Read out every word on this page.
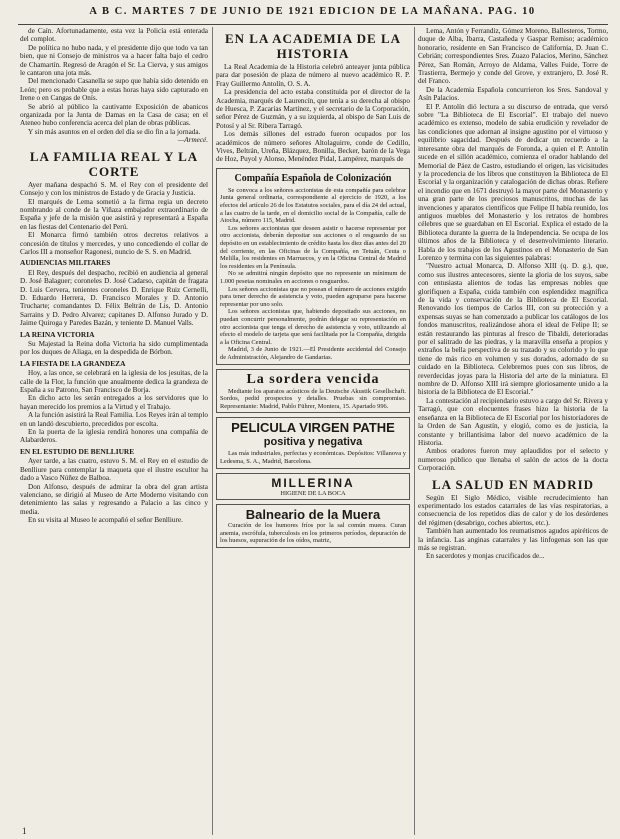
A B C. MARTES 7 DE JUNIO DE 1921 EDICION DE LA MAÑANA. PAG. 10

de Caín. Afortunadamente, esta vez la Policía está enterada del complot.

De política no hubo nada, y el presidente dijo que todo va tan bien, que ni Consejo de ministros va a hacer falta bajo el cedro de Chamartín. Regresó de Aragón el Sr. La Cierva, y sus amigos le cantaron una jota más.

Del mencionado Casanella se supo que había sido detenido en León; pero es probable que a estas horas haya sido capturado en Irene o en Cangas de Onís.

Se abrió al público la cautivante Exposición de abanicos organizada por la Junta de Damas en la Casa de casa; en el Ateneo hubo conferencia acerca del plan de obras públicas.

Y sin más asuntos en el orden del día se dio fin a la jornada.

—Armecé.

LA FAMILIA REAL Y LA CORTE

Ayer mañana despachó S. M. el Rey con el presidente del Consejo y con los ministros de Estado y de Gracia y Justicia.

El marqués de Lema sometió a la firma regia un decreto nombrando al conde de la Viñaza embajador extraordinario de España y jefe de la misión que asistirá y representará a España en las fiestas del Centenario del Perú.

El Monarca firmó también otros decretos relativos a concesión de títulos y mercedes, y uno concediendo el collar de Carlos III a monseñor Ragonesi, nuncio de S. S. en Madrid.

AUDIENCIAS MILITARES

El Rey, después del despacho, recibió en audiencia al general D. José Balaguer; coroneles D. José Cadarso, capitán de fragata D. Luis Cervera, tenientes coroneles D. Enrique Ruiz Cernelli, D. Eduardo Herrera, D. Francisco Morales y D. Antonio Trucharte; comandantes D. Félix Beltrán de Lis, D. Antonio Sarrains y D. Pedro Alvarez; capitanes D. Alfonso Jurado y D. Jaime Quiroga y Paredes Bazán, y teniente D. Manuel Valls.

LA REINA VICTORIA

Su Majestad la Reina doña Victoria ha sido cumplimentada por los duques de Aliaga, en la despedida de Bórbon.

LA FIESTA DE LA GRANDEZA

Hoy, a las once, se celebrará en la iglesia de los jesuitas, de la calle de la Flor, la función que anualmente dedica la grandeza de España a su Patrono, San Francisco de Borja.

En dicho acto les serán entregados a los servidores que lo hayan merecido los premios a la Virtud y el Trabajo.

A la función asistirá la Real Familia. Los Reyes irán al templo en un landó descubierto, precedidos por escolta.

En la puerta de la iglesia rendirá honores una compañía de Alabarderos.

EN EL ESTUDIO DE BENLLIURE

Ayer tarde, a las cuatro, estuvo S. M. el Rey en el estudio de Benlliure para contemplar la maqueta que el ilustre escultor ha dado a Vasco Núñez de Balboa.

Don Alfonso, después de admirar la obra del gran artista valenciano, se dirigió al Museo de Arte Moderno visitando con detenimiento las salas y regresando a Palacio a las cinco y media.

En su visita al Museo le acompañó el señor Benlliure.

EN LA ACADEMIA DE LA HISTORIA

La Real Academia de la Historia celebró anteayer junta pública para dar posesión de plaza de número al nuevo académico R. P. Fray Guillermo Antolín, O. S. A.

La presidencia del acto estaba constituida por el director de la Academia, marqués de Laurencín, que tenía a su derecha al obispo de Huesca, P. Zacarías Martínez, y el secretario de la Corporación, señor Pérez de Guzmán, y a su izquierda, al obispo de San Luis de Potosí y al Sr. Ribera Tarragó.

Los demás sillones del estrado fueron ocupados por los académicos de número señores Altolaguirre, conde de Cedillo, Vives, Beltrán, Ureña, Blázquez, Bonilla, Becker, barón de la Vega de Hoz, Puyol y Alonso, Menéndez Pidal, Lampérez, marqués de

Compañía Española de Colonización

Se convoca a los señores accionistas de esta compañía para celebrar Junta general ordinaria, correspondiente al ejercicio de 1920, a los efectos del artículo 26 de los Estatutos sociales, para el día 24 del actual, a las cuatro de la tarde, en el domicilio social de la Compañía, calle de Atocha, número 115, Madrid.

Los señores accionistas que deseen asistir o hacerse representar por otro accionista, deberán depositar sus acciones o el resguardo de su depósito en un establecimiento de crédito hasta los diez días antes del 20 del corriente, en las Oficinas de la Compañía, en Tetuán, Ceuta o Melilla, los residentes en Marruecos, y en la Oficina Central de Madrid los residentes en la Península.

No se admitirá ningún depósito que no represente un mínimum de 1.000 pesetas nominales en acciones o resguardos.

Los señores accionistas que no posean el número de acciones exigido para tener derecho de asistencia y voto, pueden agruparse para hacerse representar por uno solo.

Los señores accionistas que, habiendo depositado sus acciones, no puedan concurrir personalmente, podrán delegar su representación en otro accionista que tenga el derecho de asistencia y voto, utilizando al efecto el modelo de tarjeta que será facilitada por la Compañía, dirigida a la Oficina Central.

Madrid, 3 de Junio de 1921.—El Presidente accidental del Consejo de Administración, Alejandro de Gandarias.

La sordera vencida

Mediante los aparatos acústicos de la Deutsche Akustik Gesellschaft. Sordos, pedid prospectos y detalles. Pruebas sin compromiso. Representante: Madrid, Pablo Führer, Montera, 15. Apartado 996.

PELICULA VIRGEN PATHE

positiva y negativa

Las más industriales, perfectas y económicas. Depósitos: Villanova y Ledesma, S. A., Madrid, Barcelona.

MILLERINA

HIGIENE DE LA BOCA

Balneario de la Muera

Curación de los humores fríos por la sal común muera. Curan anemia, escrófula, tuberculosis en los primeros períodos, depuración de los huesos, supuración de los oídos, matriz,

Lema, Antón y Ferrandiz, Gómez Moreno, Ballesteros, Tormo, duque de Alba, Ibarra, Castañeda y Gaspar Remiso; académico honorario, residente en San Francisco de California, D. Juan C. Cebrián; correspondientes Sres. Zuazo Palacios, Merino, Sánchez Pérez, San Román, Arroyo de Aldama, Valles Fuide, Torre de Trastierra, Bermejo y conde del Grove, y extranjero, D. José R. del Franco.

De la Academia Española concurrieron los Sres. Sandoval y Asín Palacios.

El P. Antolín dió lectura a su discurso de entrada, que versó sobre "La Biblioteca de El Escorial". El trabajo del nuevo académico es extenso, modelo de sabia erudición y revelador de las condiciones que adornan al insigne agustino por el virtuoso y equilibrio sagacidad. Después de dedicar un recuerdo a la interesante obra del marqués de Foronda, a quien el P. Antolín sucede en el sillón académico, comienza el orador hablando del Memorial de Páez de Castro, estudiando el origen, las vicisitudes y la procedencia de los libros que constituyen la Biblioteca de El Escorial y la organización y catalogación de dichas obras. Refiere el incendio que en 1671 destruyó la mayor parte del Monasterio y una gran parte de los preciosos manuscritos, muchas de las invenciones y aparatos científicos que Felipe II había reunido, los antiguos muebles del Monasterio y los retratos de hombres célebres que se guardaban en El Escorial. Explica el estado de la Biblioteca durante la guerra de la Independencia. Se ocupa de los últimos años de la Biblioteca y el desenvolvimiento literario. Habla de los trabajos de los Agustinos en el Monasterio de San Lorenzo y termina con las siguientes palabras:

"Nuestro actual Monarca, D. Alfonso XIII (q. D. g.), que, como sus ilustres antecesores, siente la gloria de los suyos, sabe con entusiasta alientos de todas las empresas nobles que glorifiquen a España, cuida también con esplendidez magnífica de la vida y conservación de la Biblioteca de El Escorial. Renovando los tiempos de Carlos III, con su protección y a expensas suyas se han comenzado a publicar los catálogos de los fondos manuscritos, realizándose ahora el ideal de Felipe II; se están restaurando las pinturas al fresco de Tibaldi, deterioradas por el salitrado de las piedras, y la maravilla enseña a propios y extraños la bella perspectiva de su trazado y su colorido y lo que tiene de más rico en volumen y sus dorados, adornado de su cuidado en la Biblioteca. Celebremos pues con sus libros, de reverdecidas joyas para la Historia del arte de la miniatura. El nombre de D. Alfonso XIII irá siempre gloriosamente unido a la historia de la Biblioteca de El Escorial."

La contestación al recipiendario estuvo a cargo del Sr. Rivera y Tarragó, que con elocuentes frases hizo la historia de la enseñanza en la Biblioteca de El Escorial por los historiadores de la Orden de San Agustín, y elogió, como es de justicia, la constante y brillantísima labor del nuevo académico de la Historia.

Ambos oradores fueron muy aplaudidos por el selecto y numeroso público que llenaba el salón de actos de la docta Corporación.

LA SALUD EN MADRID

Según El Siglo Médico, visible recrudecimiento han experimentado los estados catarrales de las vías respiratorias, a consecuencia de los repetidos días de calor y de los desórdenes del régimen (desabrigo, coches abiertos, etc.).

También han aumentado los reumatismos agudos apiréticos de la infancia. Las anginas catarrales y las linfogenas son las que más se registran.

En sacerdotes y monjas crucificados de...

1
